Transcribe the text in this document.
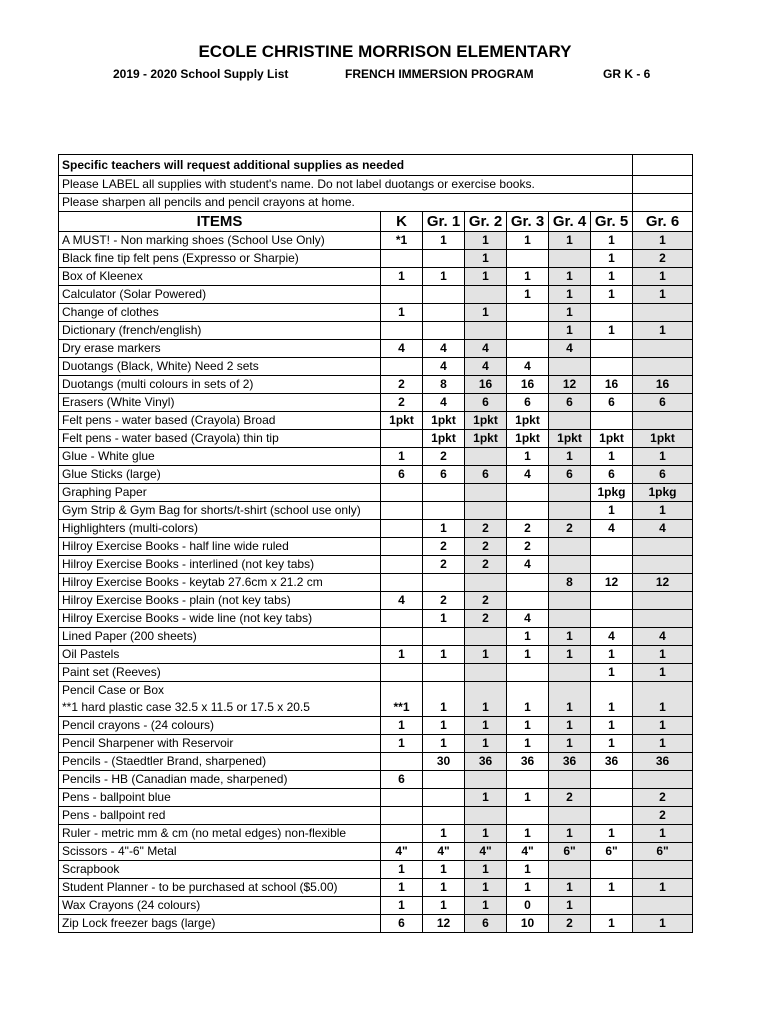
ECOLE CHRISTINE MORRISON ELEMENTARY
2019 - 2020 School Supply List	FRENCH IMMERSION PROGRAM	GR K - 6
Specific teachers will request additional supplies as needed							
Please LABEL all supplies with student's name. Do not label duotangs or exercise books.							
Please sharpen all pencils and pencil crayons at home.							
ITEMS	K	Gr. 1	Gr. 2	Gr. 3	Gr. 4	Gr. 5	Gr. 6
A MUST! - Non marking shoes (School Use Only)	*1	1	1	1	1	1	1
Black fine tip felt pens (Expresso or Sharpie)			1			1	2
Box of Kleenex	1	1	1	1	1	1	1
Calculator (Solar Powered)				1	1	1	1
Change of clothes	1		1		1		
Dictionary (french/english)					1	1	1
Dry erase markers	4	4	4		4		
Duotangs (Black, White) Need 2 sets		4	4	4			
Duotangs (multi colours in sets of 2)	2	8	16	16	12	16	16
Erasers (White Vinyl)	2	4	6	6	6	6	6
Felt pens - water based (Crayola) Broad	1pkt	1pkt	1pkt	1pkt			
Felt pens - water based (Crayola) thin tip		1pkt	1pkt	1pkt	1pkt	1pkt	1pkt
Glue - White glue	1	2		1	1	1	1
Glue Sticks (large)	6	6	6	4	6	6	6
Graphing Paper						1pkg	1pkg
Gym Strip & Gym Bag for shorts/t-shirt (school use only)						1	1
Highlighters (multi-colors)		1	2	2	2	4	4
Hilroy Exercise Books - half line wide ruled		2	2	2			
Hilroy Exercise Books - interlined (not key tabs)		2	2	4			
Hilroy Exercise Books - keytab 27.6cm x 21.2 cm					8	12	12
Hilroy Exercise Books - plain (not key tabs)	4	2	2				
Hilroy Exercise Books - wide line (not key tabs)		1	2	4			
Lined Paper (200 sheets)				1	1	4	4
Oil Pastels	1	1	1	1	1	1	1
Paint set (Reeves)						1	1

Pencil Case or Box
**1 hard plastic case 32.5 x 11.5 or 17.5 x 20.5	**1	1	1	1	1	1	1
Pencil crayons - (24 colours)	1	1	1	1	1	1	1
Pencil Sharpener with Reservoir	1	1	1	1	1	1	1
Pencils - (Staedtler Brand, sharpened)		30	36	36	36	36	36
Pencils - HB (Canadian made, sharpened)	6						
Pens - ballpoint blue			1	1	2		2
Pens - ballpoint red							2
Ruler - metric mm & cm (no metal edges) non-flexible		1	1	1	1	1	1
Scissors - 4"-6" Metal	4"	4"	4"	4"	6"	6"	6"
Scrapbook	1	1	1	1			
Student Planner - to be purchased at school ($5.00)	1	1	1	1	1	1	1
Wax Crayons (24 colours)	1	1	1	0	1		
Zip Lock freezer bags (large)	6	12	6	10	2	1	1
